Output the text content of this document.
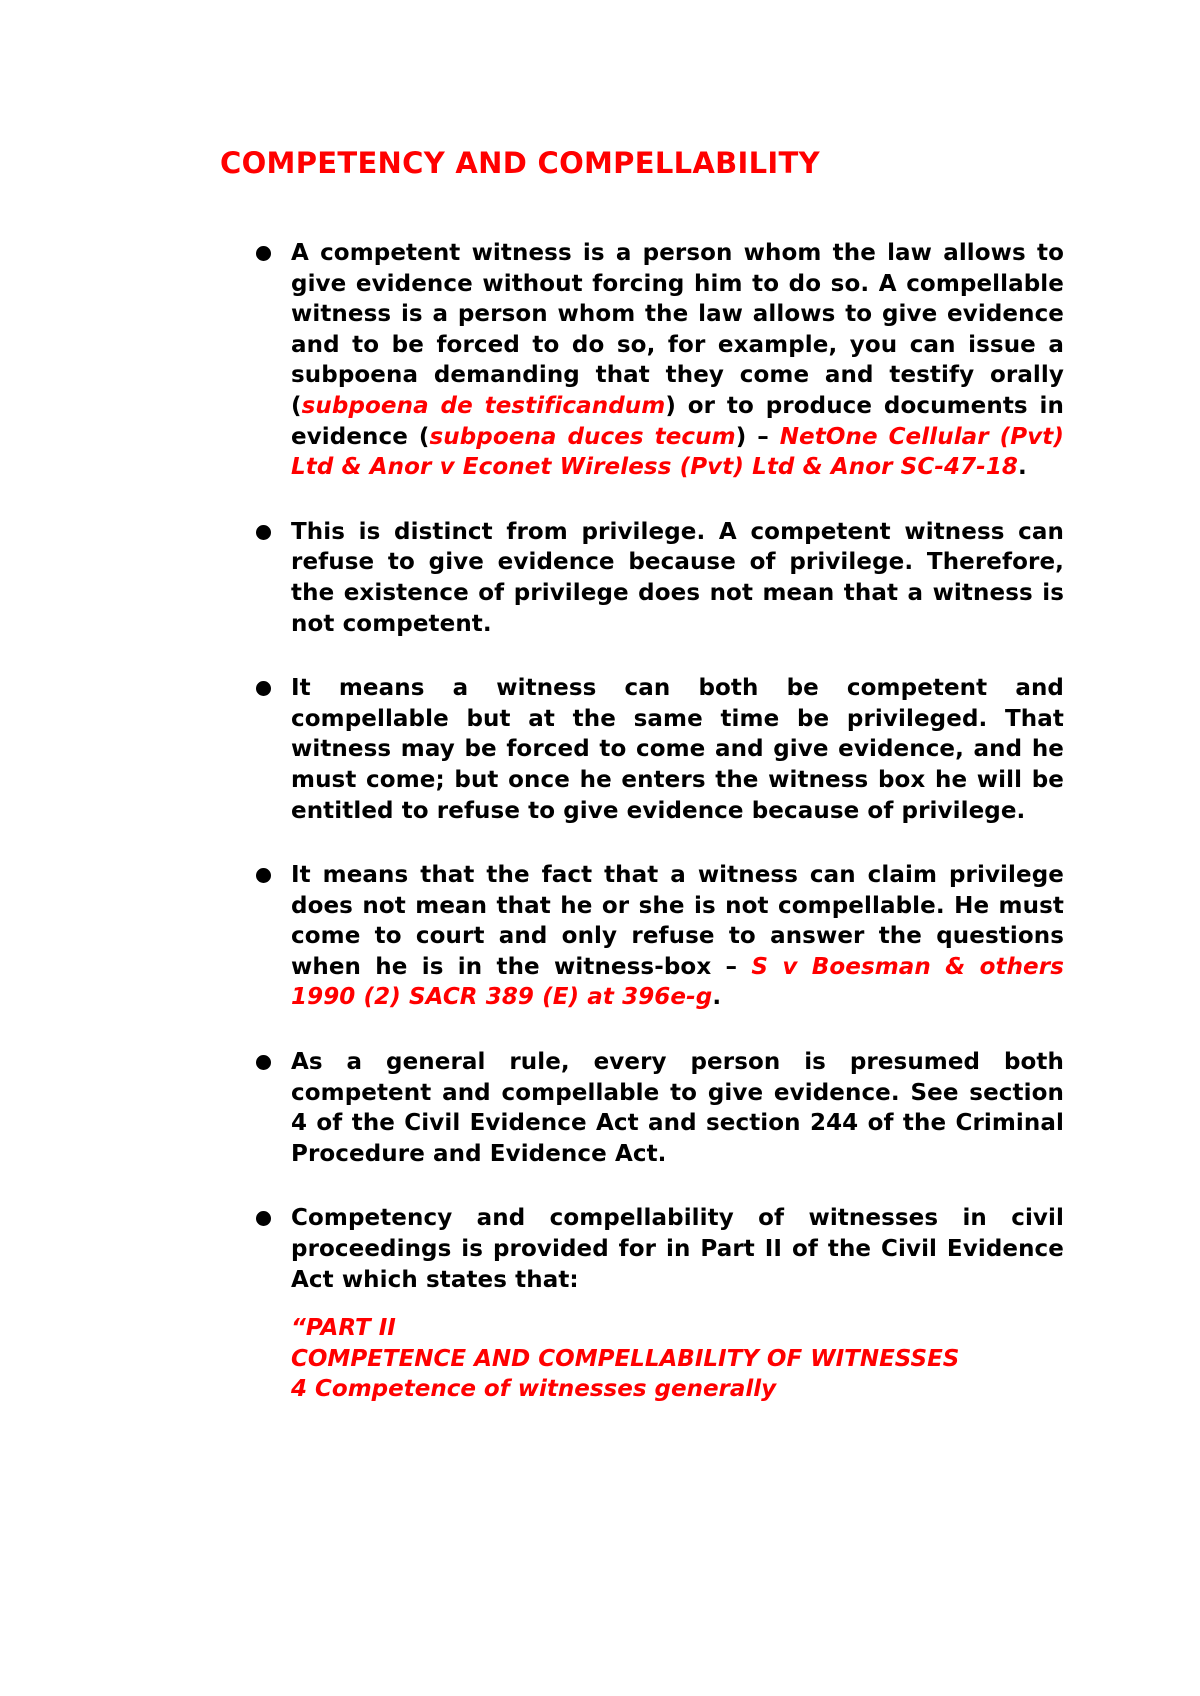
COMPETENCY AND COMPELLABILITY

A competent witness is a person whom the law allows to give evidence without forcing him to do so. A compellable witness is a person whom the law allows to give evidence and to be forced to do so, for example, you can issue a subpoena demanding that they come and testify orally (subpoena de testificandum) or to produce documents in evidence (subpoena duces tecum) – NetOne Cellular (Pvt) Ltd & Anor v Econet Wireless (Pvt) Ltd & Anor SC-47-18.

This is distinct from privilege. A competent witness can refuse to give evidence because of privilege. Therefore, the existence of privilege does not mean that a witness is not competent.

It means a witness can both be competent and compellable but at the same time be privileged. That witness may be forced to come and give evidence, and he must come; but once he enters the witness box he will be entitled to refuse to give evidence because of privilege.

It means that the fact that a witness can claim privilege does not mean that he or she is not compellable. He must come to court and only refuse to answer the questions when he is in the witness-box – S v Boesman & others 1990 (2) SACR 389 (E) at 396e-g.

As a general rule, every person is presumed both competent and compellable to give evidence. See section 4 of the Civil Evidence Act and section 244 of the Criminal Procedure and Evidence Act.

Competency and compellability of witnesses in civil proceedings is provided for in Part II of the Civil Evidence Act which states that:

“PART II
COMPETENCE AND COMPELLABILITY OF WITNESSES
4 Competence of witnesses generally
